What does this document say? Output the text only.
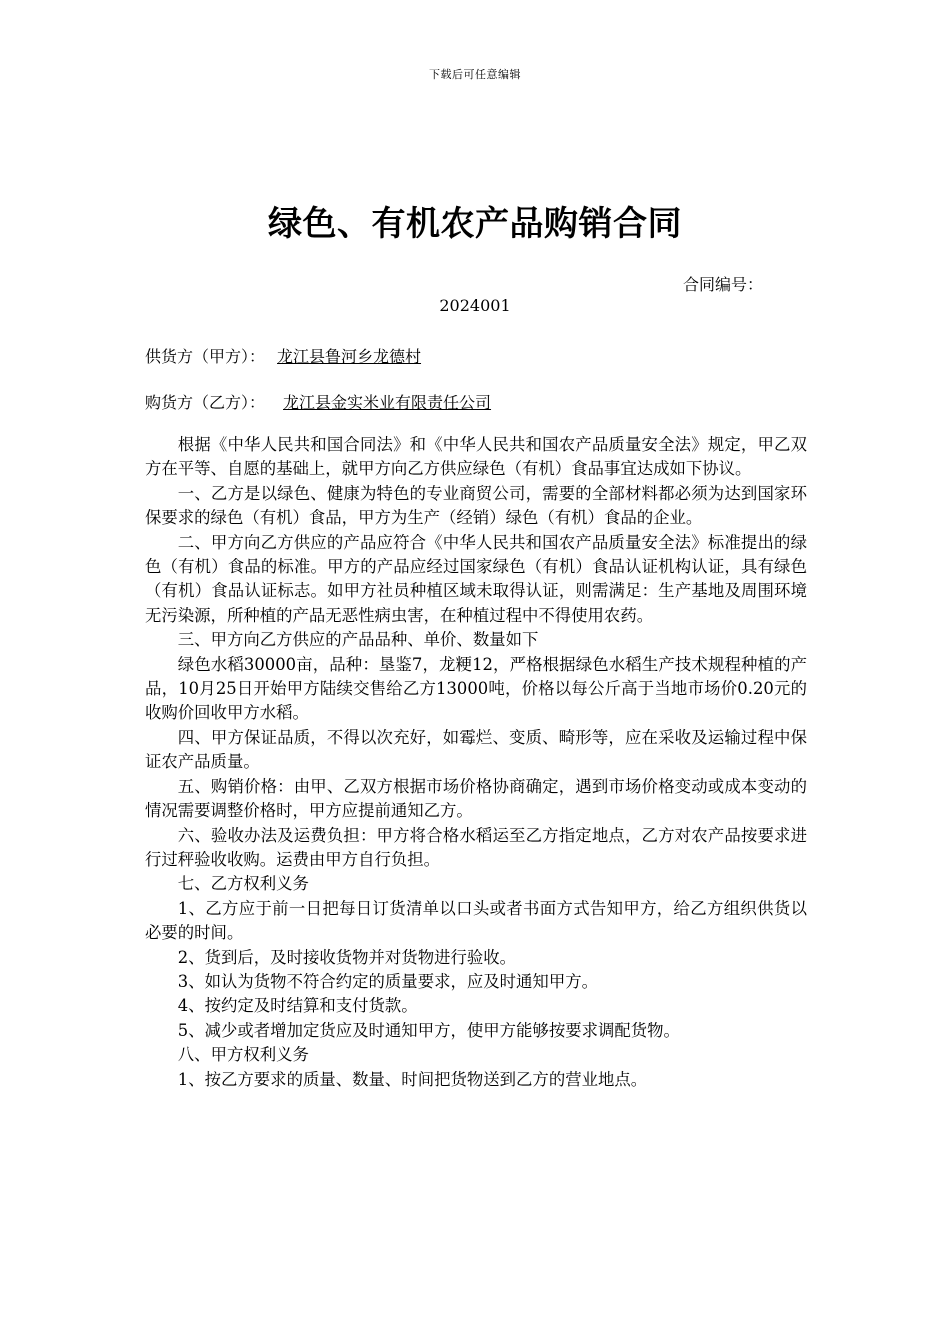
下载后可任意编辑
绿色、有机农产品购销合同
合同编号：
2024001
供货方（甲方）： 龙江县鲁河乡龙德村
购货方（乙方）： 龙江县金实米业有限责任公司

根据《中华人民共和国合同法》和《中华人民共和国农产品质量安全法》规定，甲乙双方在平等、自愿的基础上，就甲方向乙方供应绿色（有机）食品事宜达成如下协议。

一、乙方是以绿色、健康为特色的专业商贸公司，需要的全部材料都必须为达到国家环保要求的绿色（有机）食品，甲方为生产（经销）绿色（有机）食品的企业。

二、甲方向乙方供应的产品应符合《中华人民共和国农产品质量安全法》标准提出的绿色（有机）食品的标准。甲方的产品应经过国家绿色（有机）食品认证机构认证，具有绿色（有机）食品认证标志。如甲方社员种植区域未取得认证，则需满足：生产基地及周围环境无污染源，所种植的产品无恶性病虫害，在种植过程中不得使用农药。

三、甲方向乙方供应的产品品种、单价、数量如下

绿色水稻30000亩，品种：垦鉴7，龙粳12，严格根据绿色水稻生产技术规程种植的产品，10月25日开始甲方陆续交售给乙方13000吨，价格以每公斤高于当地市场价0.20元的收购价回收甲方水稻。

四、甲方保证品质，不得以次充好，如霉烂、变质、畸形等，应在采收及运输过程中保证农产品质量。

五、购销价格：由甲、乙双方根据市场价格协商确定，遇到市场价格变动或成本变动的情况需要调整价格时，甲方应提前通知乙方。

六、验收办法及运费负担：甲方将合格水稻运至乙方指定地点，乙方对农产品按要求进行过秤验收收购。运费由甲方自行负担。

七、乙方权利义务

1、乙方应于前一日把每日订货清单以口头或者书面方式告知甲方，给乙方组织供货以必要的时间。

2、货到后，及时接收货物并对货物进行验收。

3、如认为货物不符合约定的质量要求，应及时通知甲方。

4、按约定及时结算和支付货款。

5、减少或者增加定货应及时通知甲方，使甲方能够按要求调配货物。

八、甲方权利义务

1、按乙方要求的质量、数量、时间把货物送到乙方的营业地点。
